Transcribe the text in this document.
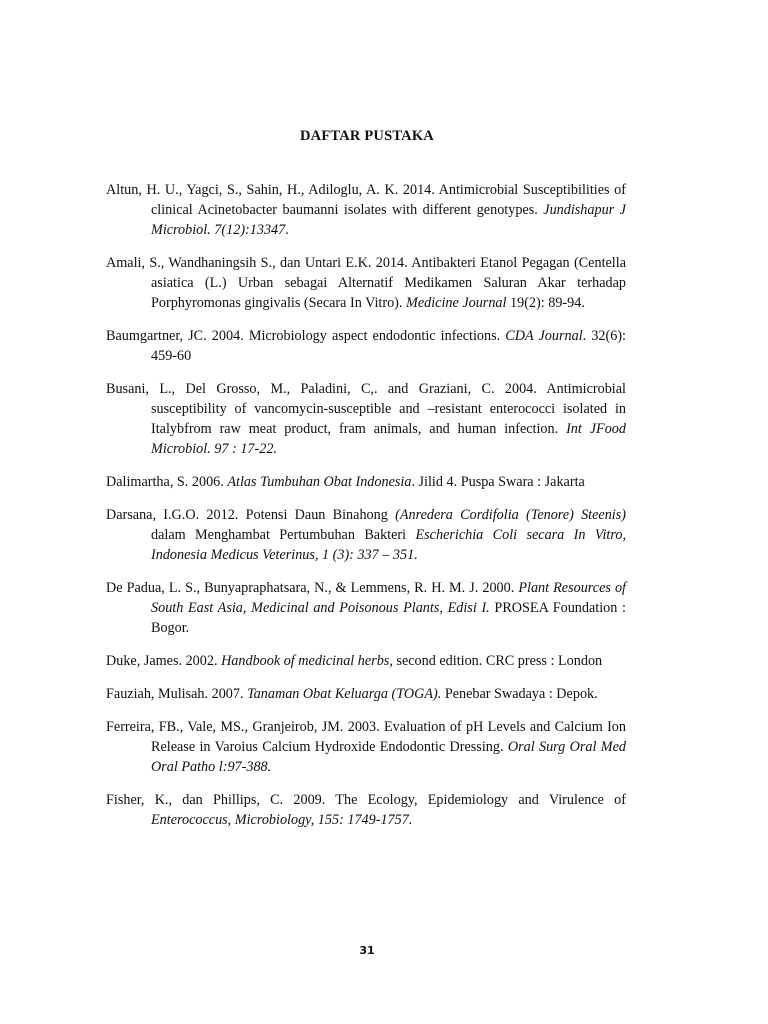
DAFTAR PUSTAKA

Altun, H. U., Yagci, S., Sahin, H., Adiloglu, A. K. 2014. Antimicrobial Susceptibilities of clinical Acinetobacter baumanni isolates with different genotypes. Jundishapur J Microbiol. 7(12):13347.

Amali, S., Wandhaningsih S., dan Untari E.K. 2014. Antibakteri Etanol Pegagan (Centella asiatica (L.) Urban sebagai Alternatif Medikamen Saluran Akar terhadap Porphyromonas gingivalis (Secara In Vitro). Medicine Journal 19(2): 89-94.

Baumgartner, JC. 2004. Microbiology aspect endodontic infections. CDA Journal. 32(6): 459-60

Busani, L., Del Grosso, M., Paladini, C,. and Graziani, C. 2004. Antimicrobial susceptibility of vancomycin-susceptible and –resistant enterococci isolated in Italybfrom raw meat product, fram animals, and human infection. Int JFood Microbiol. 97 : 17-22.

Dalimartha, S. 2006. Atlas Tumbuhan Obat Indonesia. Jilid 4. Puspa Swara : Jakarta

Darsana, I.G.O. 2012. Potensi Daun Binahong (Anredera Cordifolia (Tenore) Steenis) dalam Menghambat Pertumbuhan Bakteri Escherichia Coli secara In Vitro, Indonesia Medicus Veterinus, 1 (3): 337 – 351.

De Padua, L. S., Bunyapraphatsara, N., & Lemmens, R. H. M. J. 2000. Plant Resources of South East Asia, Medicinal and Poisonous Plants, Edisi I. PROSEA Foundation : Bogor.

Duke, James. 2002. Handbook of medicinal herbs, second edition. CRC press : London

Fauziah, Mulisah. 2007. Tanaman Obat Keluarga (TOGA). Penebar Swadaya : Depok.

Ferreira, FB., Vale, MS., Granjeirob, JM. 2003. Evaluation of pH Levels and Calcium Ion Release in Varoius Calcium Hydroxide Endodontic Dressing. Oral Surg Oral Med Oral Patho l:97-388.

Fisher, K., dan Phillips, C. 2009. The Ecology, Epidemiology and Virulence of Enterococcus, Microbiology, 155: 1749-1757.

31
